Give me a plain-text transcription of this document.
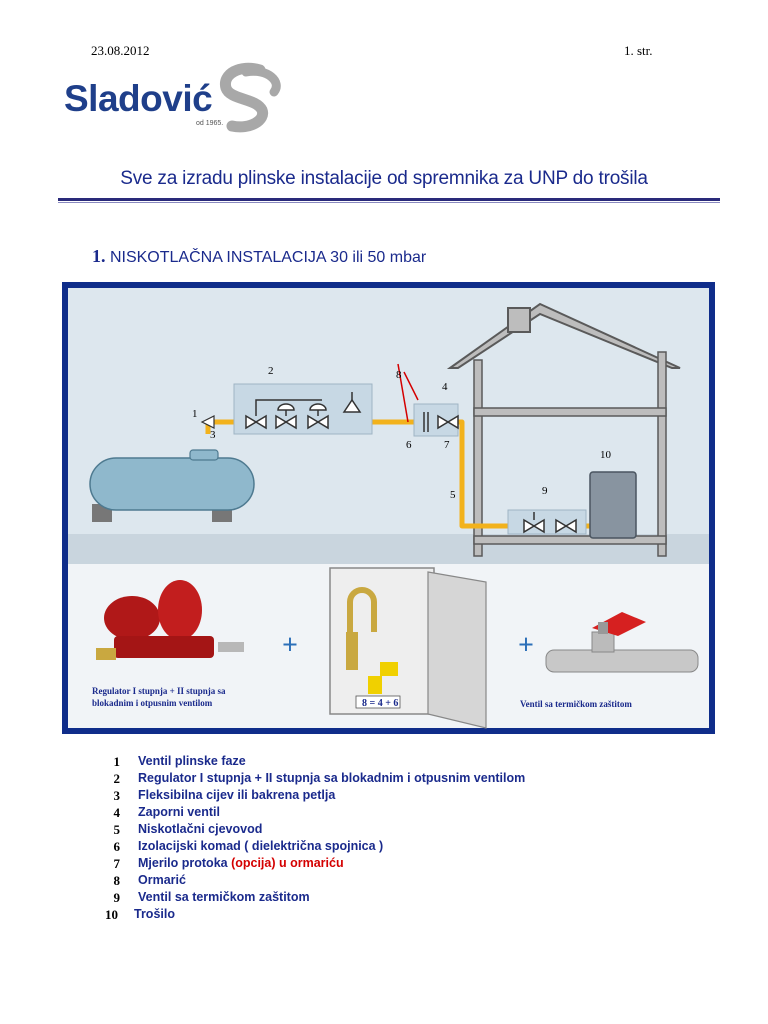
23.08.2012	1. str.
Sladović
od 1965.
Sve za izradu plinske instalacije od spremnika za UNP do trošila
1. NISKOTLAČNA INSTALACIJA 30 ili 50 mbar
2
1
3
8
4
6	7
5	9
10
Regulator I stupnja + II stupnja sa
blokadnim i otpusnim ventilom
+
8 = 4 + 6
+
Ventil sa termičkom zaštitom
1 Ventil plinske faze
2 Regulator I stupnja + II stupnja sa blokadnim i otpusnim ventilom
3 Fleksibilna cijev ili bakrena petlja
4 Zaporni ventil
5 Niskotlačni cjevovod
6 Izolacijski komad ( dielektrična spojnica )
7 Mjerilo protoka (opcija) u ormariću
8 Ormarić
9 Ventil sa termičkom zaštitom
10 Trošilo
